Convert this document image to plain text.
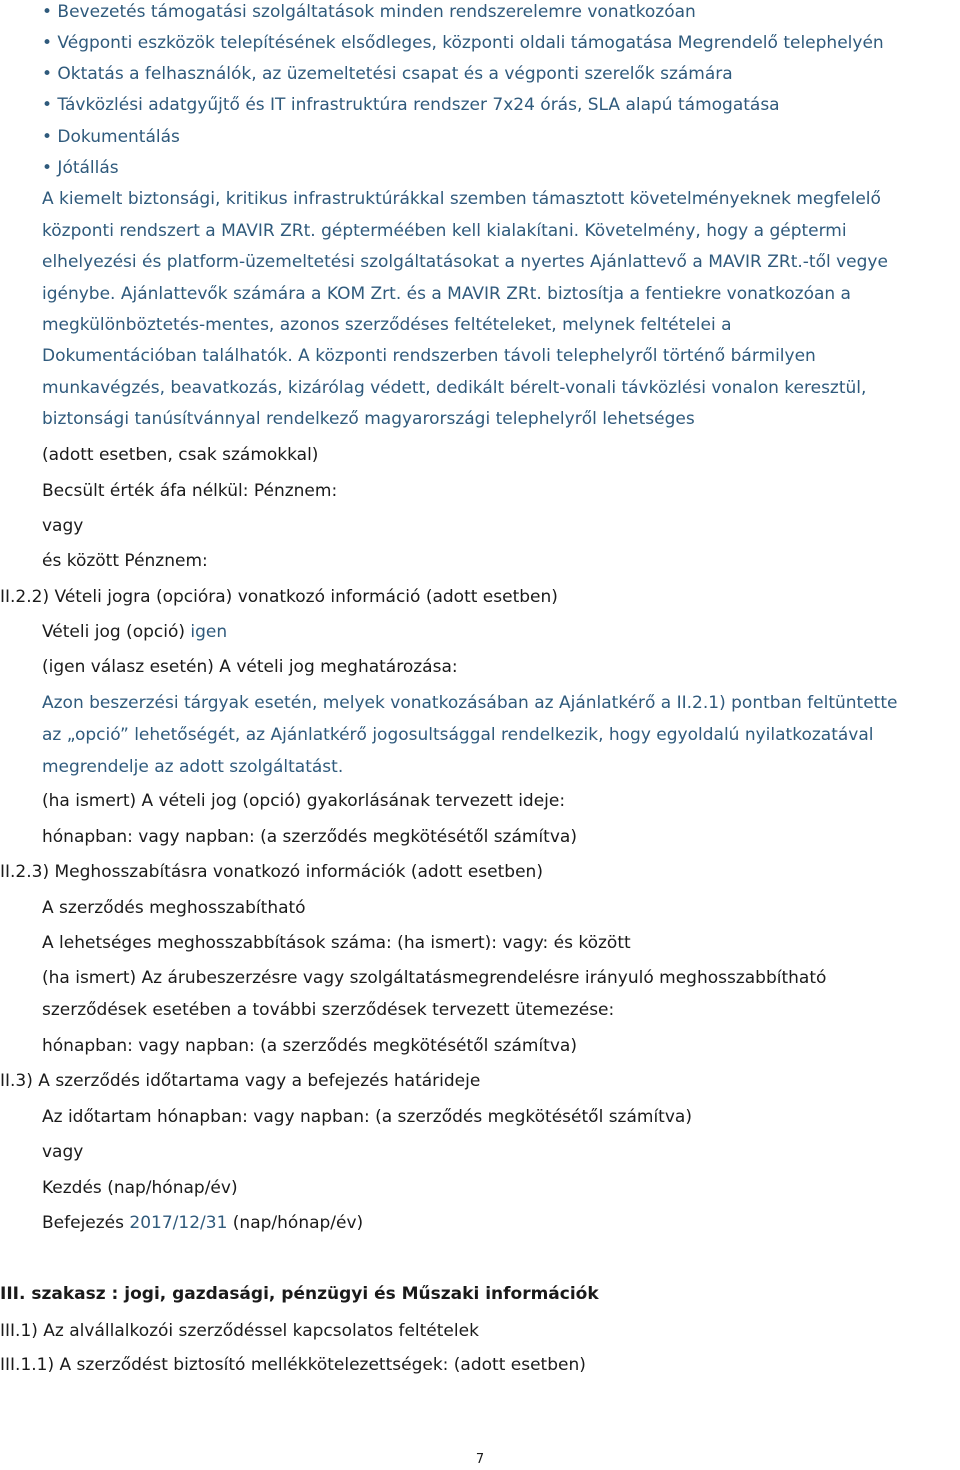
• Bevezetés támogatási szolgáltatások minden rendszerelemre vonatkozóan
• Végponti eszközök telepítésének elsődleges, központi oldali támogatása Megrendelő telephelyén
• Oktatás a felhasználók, az üzemeltetési csapat és a végponti szerelők számára
• Távközlési adatgyűjtő és IT infrastruktúra rendszer 7x24 órás, SLA alapú támogatása
• Dokumentálás
• Jótállás
A kiemelt biztonsági, kritikus infrastruktúrákkal szemben támasztott követelményeknek megfelelő
központi rendszert a MAVIR ZRt. gépterméében kell kialakítani. Követelmény, hogy a géptermi
elhelyezési és platform-üzemeltetési szolgáltatásokat a nyertes Ajánlattevő a MAVIR ZRt.-től vegye
igénybe. Ajánlattevők számára a KOM Zrt. és a MAVIR ZRt. biztosítja a fentiekre vonatkozóan a
megkülönböztetés-mentes, azonos szerződéses feltételeket, melynek feltételei a
Dokumentációban találhatók. A központi rendszerben távoli telephelyről történő bármilyen
munkavégzés, beavatkozás, kizárólag védett, dedikált bérelt-vonali távközlési vonalon keresztül,
biztonsági tanúsítvánnyal rendelkező magyarországi telephelyről lehetséges
(adott esetben, csak számokkal)
Becsült érték áfa nélkül: Pénznem:
vagy
és között Pénznem:
II.2.2) Vételi jogra (opcióra) vonatkozó információ (adott esetben)
Vételi jog (opció) igen
(igen válasz esetén) A vételi jog meghatározása:
Azon beszerzési tárgyak esetén, melyek vonatkozásában az Ajánlatkérő a II.2.1) pontban feltüntette
az „opció” lehetőségét, az Ajánlatkérő jogosultsággal rendelkezik, hogy egyoldalú nyilatkozatával
megrendelje az adott szolgáltatást.
(ha ismert) A vételi jog (opció) gyakorlásának tervezett ideje:
hónapban: vagy napban: (a szerződés megkötésétől számítva)
II.2.3) Meghosszabításra vonatkozó információk (adott esetben)
A szerződés meghosszabítható
A lehetséges meghosszabbítások száma: (ha ismert): vagy: és között
(ha ismert) Az árubeszerzésre vagy szolgáltatásmegrendelésre irányuló meghosszabbítható
szerződések esetében a további szerződések tervezett ütemezése:
hónapban: vagy napban: (a szerződés megkötésétől számítva)
II.3) A szerződés időtartama vagy a befejezés határideje
Az időtartam hónapban: vagy napban: (a szerződés megkötésétől számítva)
vagy
Kezdés (nap/hónap/év)
Befejezés 2017/12/31 (nap/hónap/év)
III. szakasz : jogi, gazdasági, pénzügyi és Műszaki információk
III.1) Az alvállalkozói szerződéssel kapcsolatos feltételek
III.1.1) A szerződést biztosító mellékkötelezettségek: (adott esetben)
7
